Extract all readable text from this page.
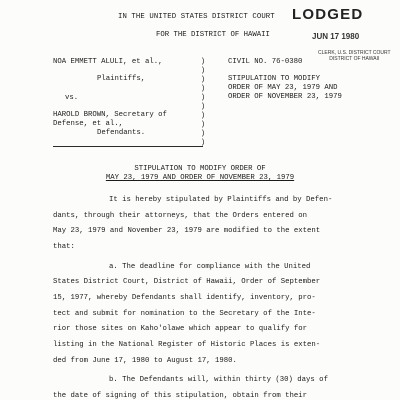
IN THE UNITED STATES DISTRICT COURT
FOR THE DISTRICT OF HAWAII
LODGED
JUN 17 1980
CLERK, U.S. DISTRICT COURT
DISTRICT OF HAWAII
NOA EMMETT ALULI, et al.,
Plaintiffs,
vs.
HAROLD BROWN, Secretary of
Defense, et al.,
Defendants.
)
)
)
)
)
)
)
)
)
)
CIVIL NO. 76-0380
STIPULATION TO MODIFY
ORDER OF MAY 23, 1979 AND
ORDER OF NOVEMBER 23, 1979
STIPULATION TO MODIFY ORDER OF
MAY 23, 1979 AND ORDER OF NOVEMBER 23, 1979
It is hereby stipulated by Plaintiffs and by Defen-
dants, through their attorneys, that the Orders entered on
May 23, 1979 and November 23, 1979 are modified to the extent
that:
a. The deadline for compliance with the United
States District Court, District of Hawaii, Order of September
15, 1977, whereby Defendants shall identify, inventory, pro-
tect and submit for nomination to the Secretary of the Inte-
rior those sites on Kaho'olawe which appear to qualify for
listing in the National Register of Historic Places is exten-
ded from June 17, 1980 to August 17, 1980.
b. The Defendants will, within thirty (30) days of
the date of signing of this stipulation, obtain from their
